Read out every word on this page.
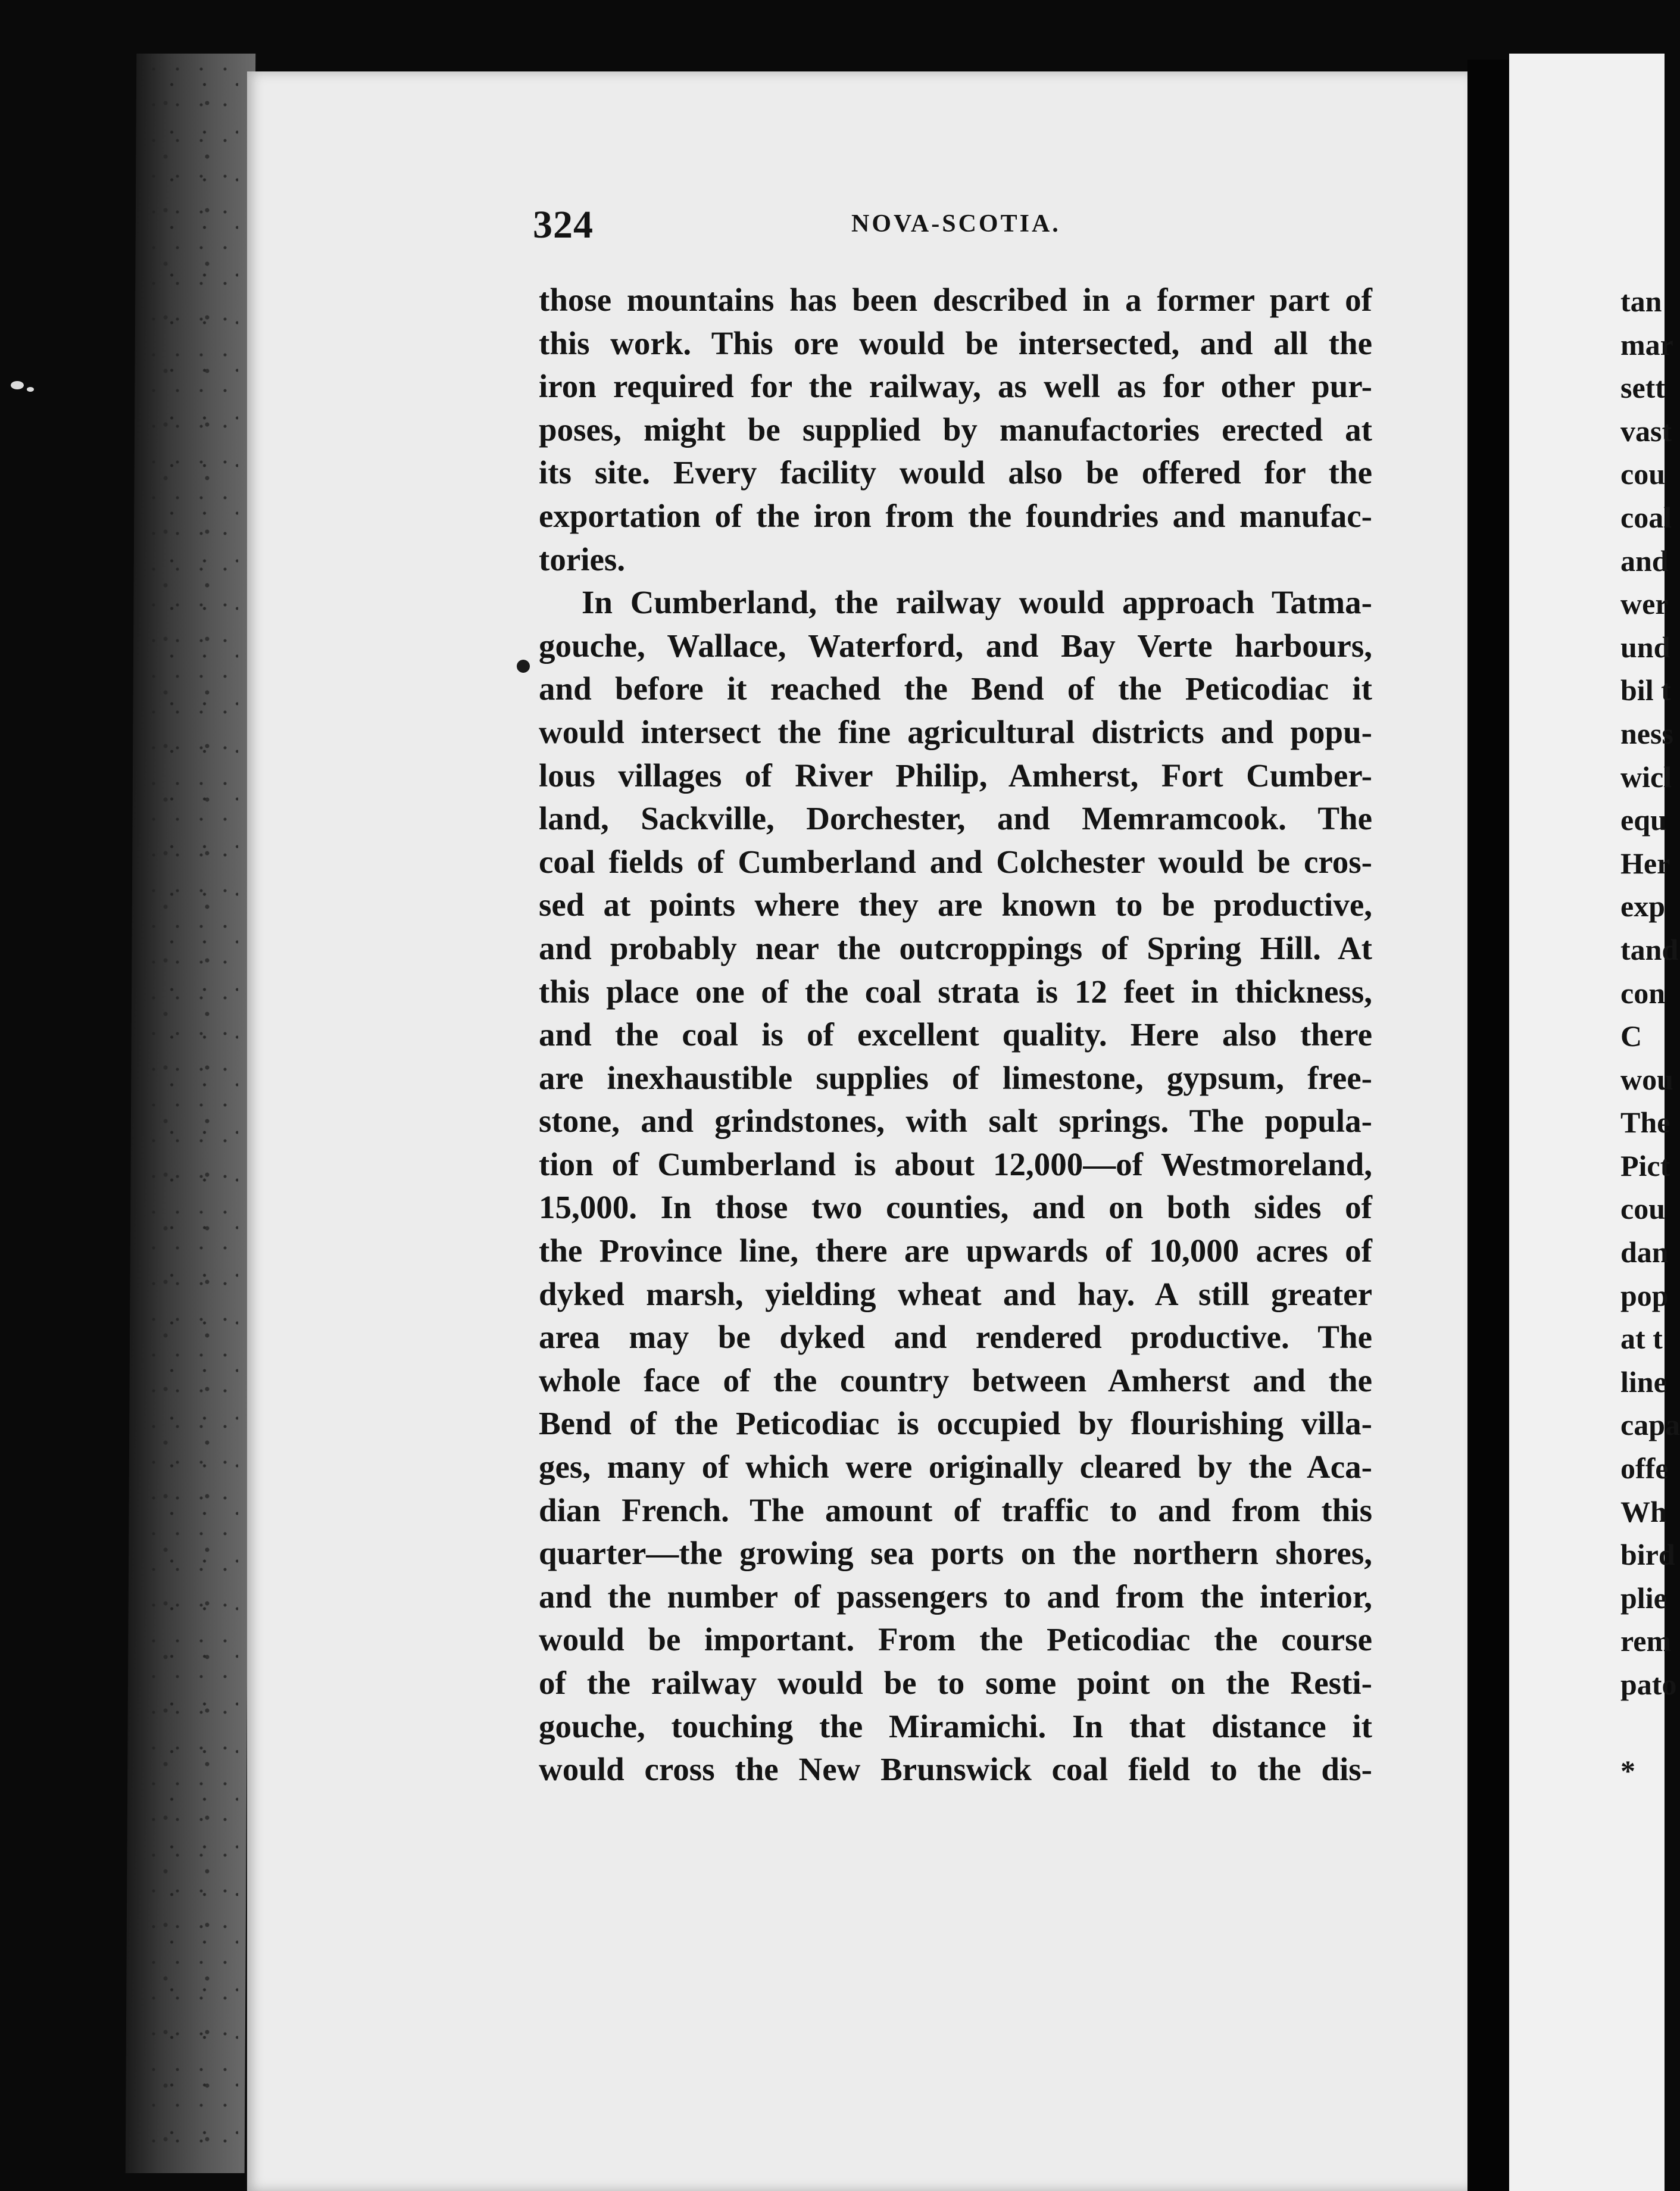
324	NOVA-SCOTIA.
those mountains has been described in a former part of
this work. This ore would be intersected, and all the
iron required for the railway, as well as for other pur-
poses, might be supplied by manufactories erected at
its site. Every facility would also be offered for the
exportation of the iron from the foundries and manufac-
tories.
In Cumberland, the railway would approach Tatma-
gouche, Wallace, Waterford, and Bay Verte harbours,
and before it reached the Bend of the Peticodiac it
would intersect the fine agricultural districts and popu-
lous villages of River Philip, Amherst, Fort Cumber-
land, Sackville, Dorchester, and Memramcook. The
coal fields of Cumberland and Colchester would be cros-
sed at points where they are known to be productive,
and probably near the outcroppings of Spring Hill. At
this place one of the coal strata is 12 feet in thickness,
and the coal is of excellent quality. Here also there
are inexhaustible supplies of limestone, gypsum, free-
stone, and grindstones, with salt springs. The popula-
tion of Cumberland is about 12,000—of Westmoreland,
15,000. In those two counties, and on both sides of
the Province line, there are upwards of 10,000 acres of
dyked marsh, yielding wheat and hay. A still greater
area may be dyked and rendered productive. The
whole face of the country between Amherst and the
Bend of the Peticodiac is occupied by flourishing villa-
ges, many of which were originally cleared by the Aca-
dian French. The amount of traffic to and from this
quarter—the growing sea ports on the northern shores,
and the number of passengers to and from the interior,
would be important. From the Peticodiac the course
of the railway would be to some point on the Resti-
gouche, touching the Miramichi. In that distance it
would cross the New Brunswick coal field to the dis-
tan
mar
sett
vast
cou
coal
and
wer
und
bil t
ness
wicl
equ
Her
exp
tand
con
C
wou
The
Pict
cou
dan
pop
at t
line
capa
offe
Wh
bird
plie
rem
pato
*
